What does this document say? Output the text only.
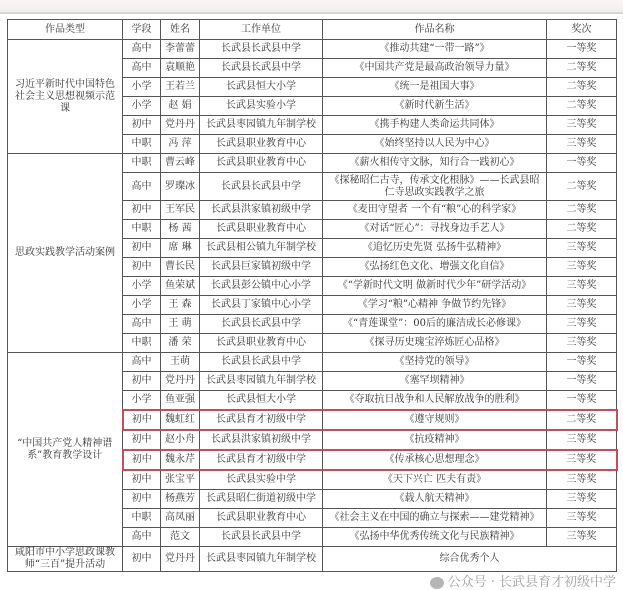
作品类型	学段	姓名	工作单位	作品名称	奖次
习近平新时代中国特色社会主义思想视频示范课	高中	李蕾蕾	长武县长武县中学	《推动共建“一带一路”》	一等奖
	高中	袁顺艳	长武县长武县中学	《中国共产党是最高政治领导力量》	二等奖
	小学	王若兰	长武县恒大小学	《统一是祖国大事》	二等奖
	小学	赵 娟	长武县实验小学	《新时代新生活》	二等奖
	初中	党丹丹	长武县枣园镇九年制学校	《携手构建人类命运共同体》	三等奖
	中职	冯 萍	长武县职业教育中心	《始终坚持以人民为中心》	三等奖
思政实践教学活动案例	中职	曹云峰	长武县职业教育中心	《薪火相传守文脉，知行合一践初心》	一等奖
	高中	罗璨冰	长武县长武县中学	《探秘昭仁古寺，传承文化根脉》——长武县昭仁寺思政实践教学之旅	二等奖
	初中	王军民	长武县洪家镇初级中学	《麦田守望者 一个有“粮”心的科学家》	二等奖
	中职	杨 茜	长武县职业教育中心	《对话“匠心”：寻找身边手艺人》	二等奖
	初中	席 琳	长武县相公镇九年制学校	《追忆历史先贤 弘扬牛弘精神》	三等奖
	初中	曹长民	长武县巨家镇初级中学	《弘扬红色文化、增强文化自信》	三等奖
	小学	鱼荣斌	长武县彭公镇中心小学	《“学新时代文明 做新时代少年”研学活动》	三等奖
	小学	王 森	长武县丁家镇中心小学	《学习“粮”心精神 争做节约先锋》	三等奖
	高中	王 萌	长武县长武县中学	《“青莲课堂”：00后的廉洁成长必修课》	三等奖
	中职	潘 荣	长武县职业教育中心	《探寻历史瑰宝淬炼匠心品格》	三等奖
“中国共产党人精神谱系”教育教学设计	高中	王萌	长武县长武县中学	《坚持党的领导》	一等奖
	初中	党丹丹	长武县枣园镇九年制学校	《塞罕坝精神》	一等奖
	小学	鱼亚强	长武县恒大小学	《夺取抗日战争和人民解放战争的胜利》	一等奖
	初中	魏虹红	长武县育才初级中学	《遵守规则》	二等奖
	初中	赵小舟	长武县洪家镇初级中学	《抗疫精神》	三等奖
	初中	魏永芹	长武县育才初级中学	《传承核心思想理念》	三等奖
	初中	张宝平	长武县实验中学	《天下兴亡 匹夫有责》	三等奖
	初中	杨燕芳	长武县昭仁街道初级中学	《载人航天精神》	三等奖
	中职	高凤丽	长武县职业教育中心	《社会主义在中国的确立与探索——建党精神》	三等奖
	高中	范文	长武县长武县中学	《弘扬中华优秀传统文化与民族精神》	三等奖
咸阳市中小学思政课教师“三百”提升活动	初中	党丹丹	长武县枣园镇九年制学校	综合优秀个人	
公众号 · 长武县育才初级中学
